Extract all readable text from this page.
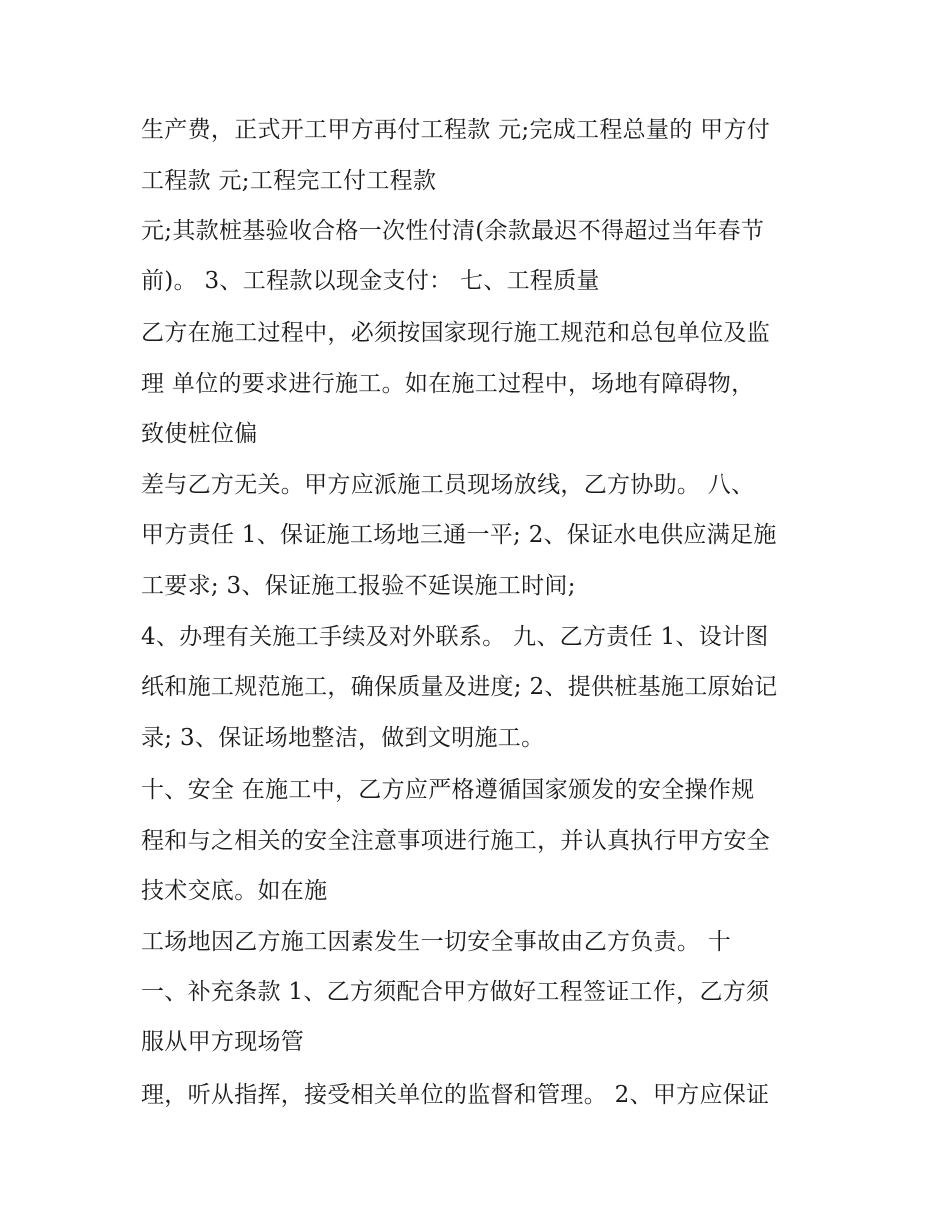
生产费，正式开工甲方再付工程款 元;完成工程总量的 甲方付

工程款 元;工程完工付工程款

元;其款桩基验收合格一次性付清(余款最迟不得超过当年春节

前)。 3、工程款以现金支付： 七、工程质量

乙方在施工过程中，必须按国家现行施工规范和总包单位及监

理 单位的要求进行施工。如在施工过程中，场地有障碍物，

致使桩位偏

差与乙方无关。甲方应派施工员现场放线，乙方协助。 八、

甲方责任 1、保证施工场地三通一平; 2、保证水电供应满足施

工要求; 3、保证施工报验不延误施工时间;

4、办理有关施工手续及对外联系。 九、乙方责任 1、设计图

纸和施工规范施工，确保质量及进度; 2、提供桩基施工原始记

录; 3、保证场地整洁，做到文明施工。

十、安全 在施工中，乙方应严格遵循国家颁发的安全操作规

程和与之相关的安全注意事项进行施工，并认真执行甲方安全

技术交底。如在施

工场地因乙方施工因素发生一切安全事故由乙方负责。 十

一、补充条款 1、乙方须配合甲方做好工程签证工作，乙方须

服从甲方现场管

理，听从指挥，接受相关单位的监督和管理。 2、甲方应保证
